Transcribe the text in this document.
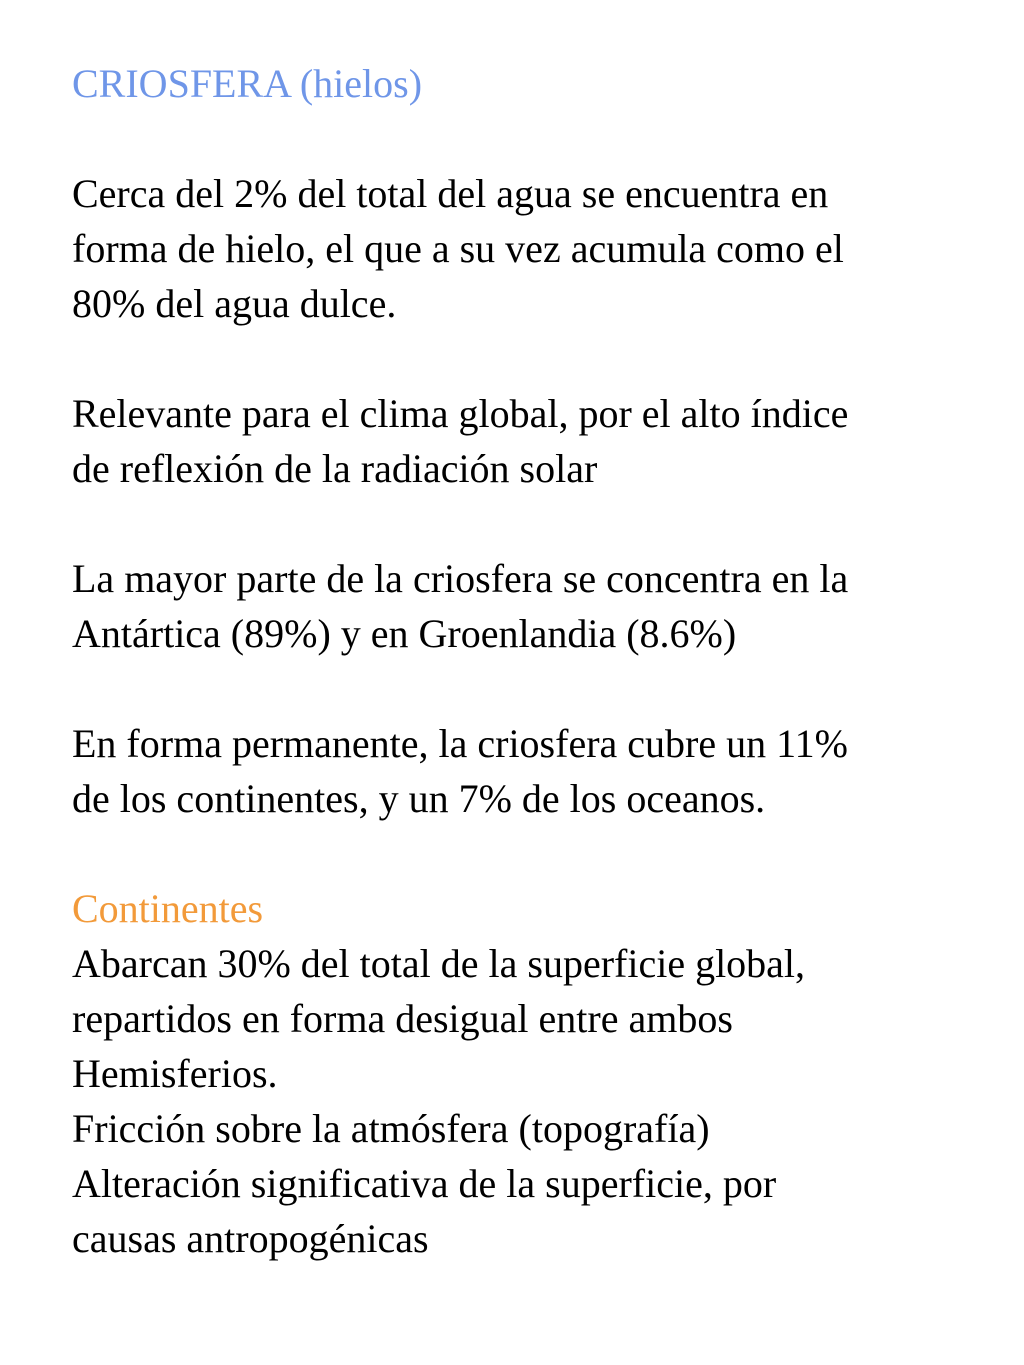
CRIOSFERA (hielos)
Cerca del 2% del total del agua se encuentra en
forma de hielo, el que a su vez acumula como el
80% del agua dulce.
Relevante para el clima global, por el alto índice
de reflexión de la radiación solar
La mayor parte de la criosfera se concentra en la
Antártica (89%) y en Groenlandia (8.6%)
En forma permanente, la criosfera cubre un 11%
de los continentes, y un 7% de los oceanos.
Continentes
Abarcan 30% del total de la superficie global,
repartidos en forma desigual entre ambos
Hemisferios.
Fricción sobre la atmósfera (topografía)
Alteración significativa de la superficie, por
causas antropogénicas
